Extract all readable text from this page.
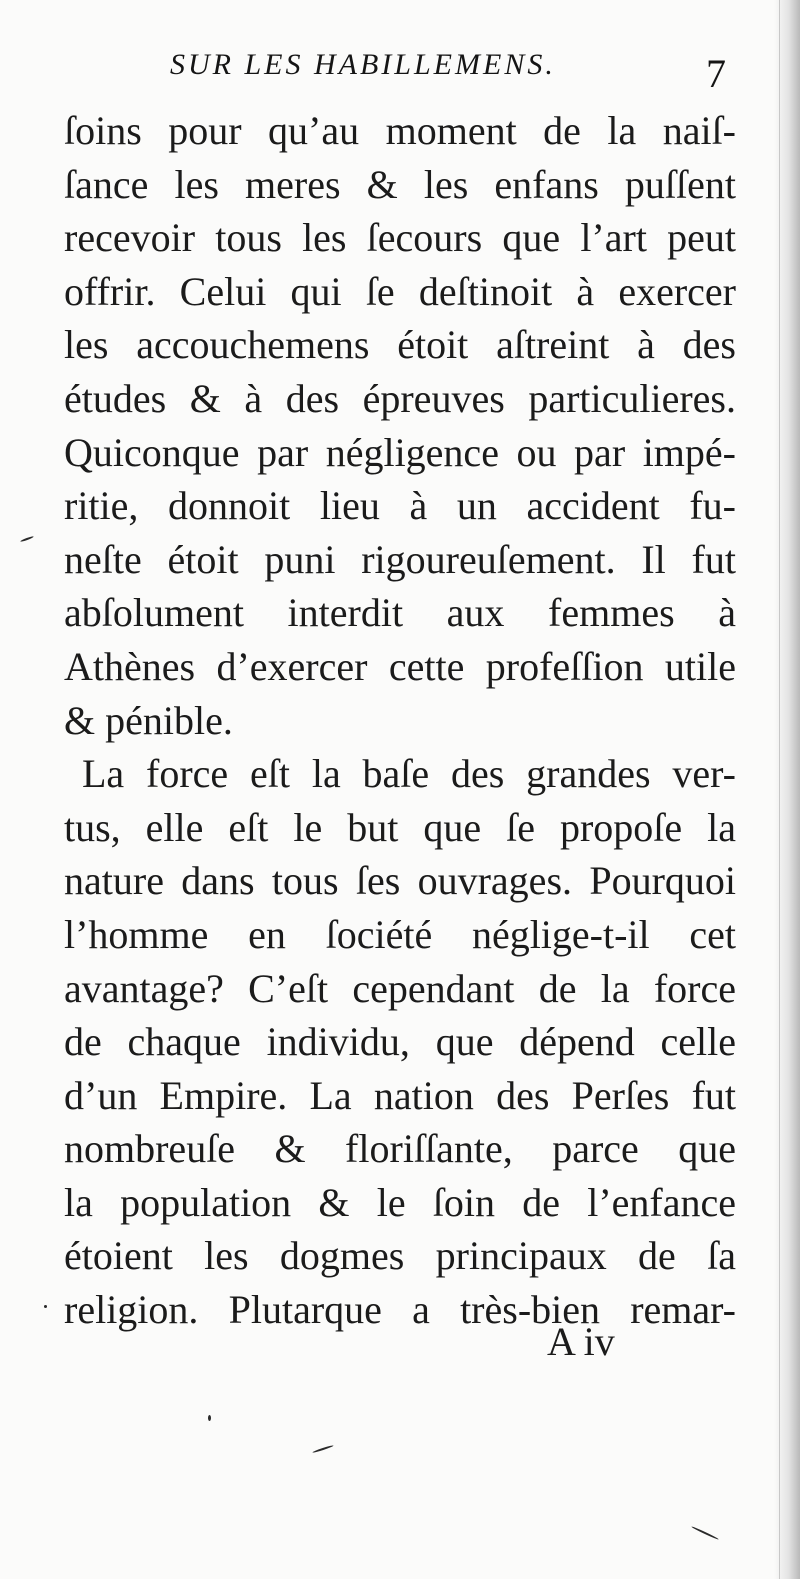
SUR LES HABILLEMENS.	7
ſoins pour qu’au moment de la naiſ-
ſance les meres & les enfans puſſent
recevoir tous les ſecours que l’art peut
offrir. Celui qui ſe deſtinoit à exercer
les accouchemens étoit aſtreint à des
études & à des épreuves particulieres.
Quiconque par négligence ou par impé-
ritie, donnoit lieu à un accident fu-
neſte étoit puni rigoureuſement. Il fut
abſolument interdit aux femmes à
Athènes d’exercer cette profeſſion utile
& pénible.
La force eſt la baſe des grandes ver-
tus, elle eſt le but que ſe propoſe la
nature dans tous ſes ouvrages. Pourquoi
l’homme en ſociété néglige-t-il cet
avantage? C’eſt cependant de la force
de chaque individu, que dépend celle
d’un Empire. La nation des Perſes fut
nombreuſe & floriſſante, parce que
la population & le ſoin de l’enfance
étoient les dogmes principaux de ſa
religion. Plutarque a très-bien remar-
A iv
